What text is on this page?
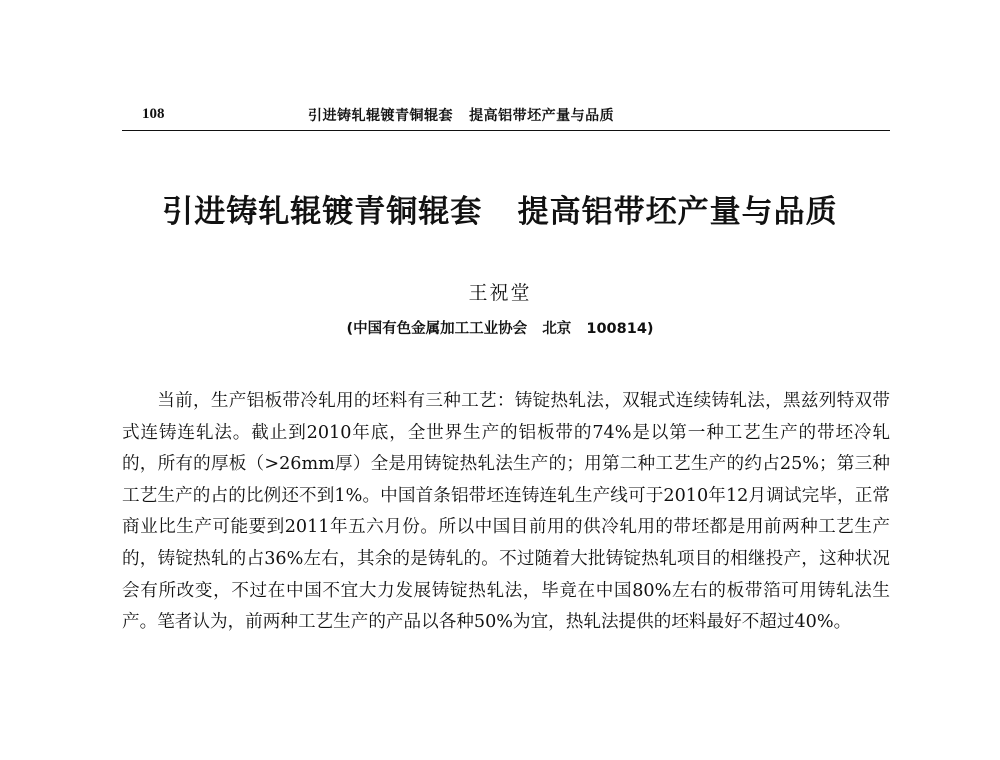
108	引进铸轧辊镀青铜辊套   提高铝带坯产量与品质
引进铸轧辊镀青铜辊套   提高铝带坯产量与品质
王祝堂
(中国有色金属加工工业协会   北京   100814)

当前，生产铝板带冷轧用的坯料有三种工艺：铸锭热轧法，双辊式连续铸轧法，黑兹列特双带式连铸连轧法。截止到2010年底，全世界生产的铝板带的74%是以第一种工艺生产的带坯冷轧的，所有的厚板（>26mm厚）全是用铸锭热轧法生产的；用第二种工艺生产的约占25%；第三种工艺生产的占的比例还不到1%。中国首条铝带坯连铸连轧生产线可于2010年12月调试完毕，正常商业比生产可能要到2011年五六月份。所以中国目前用的供冷轧用的带坯都是用前两种工艺生产的，铸锭热轧的占36%左右，其余的是铸轧的。不过随着大批铸锭热轧项目的相继投产，这种状况会有所改变，不过在中国不宜大力发展铸锭热轧法，毕竟在中国80%左右的板带箔可用铸轧法生产。笔者认为，前两种工艺生产的产品以各种50%为宜，热轧法提供的坯料最好不超过40%。
